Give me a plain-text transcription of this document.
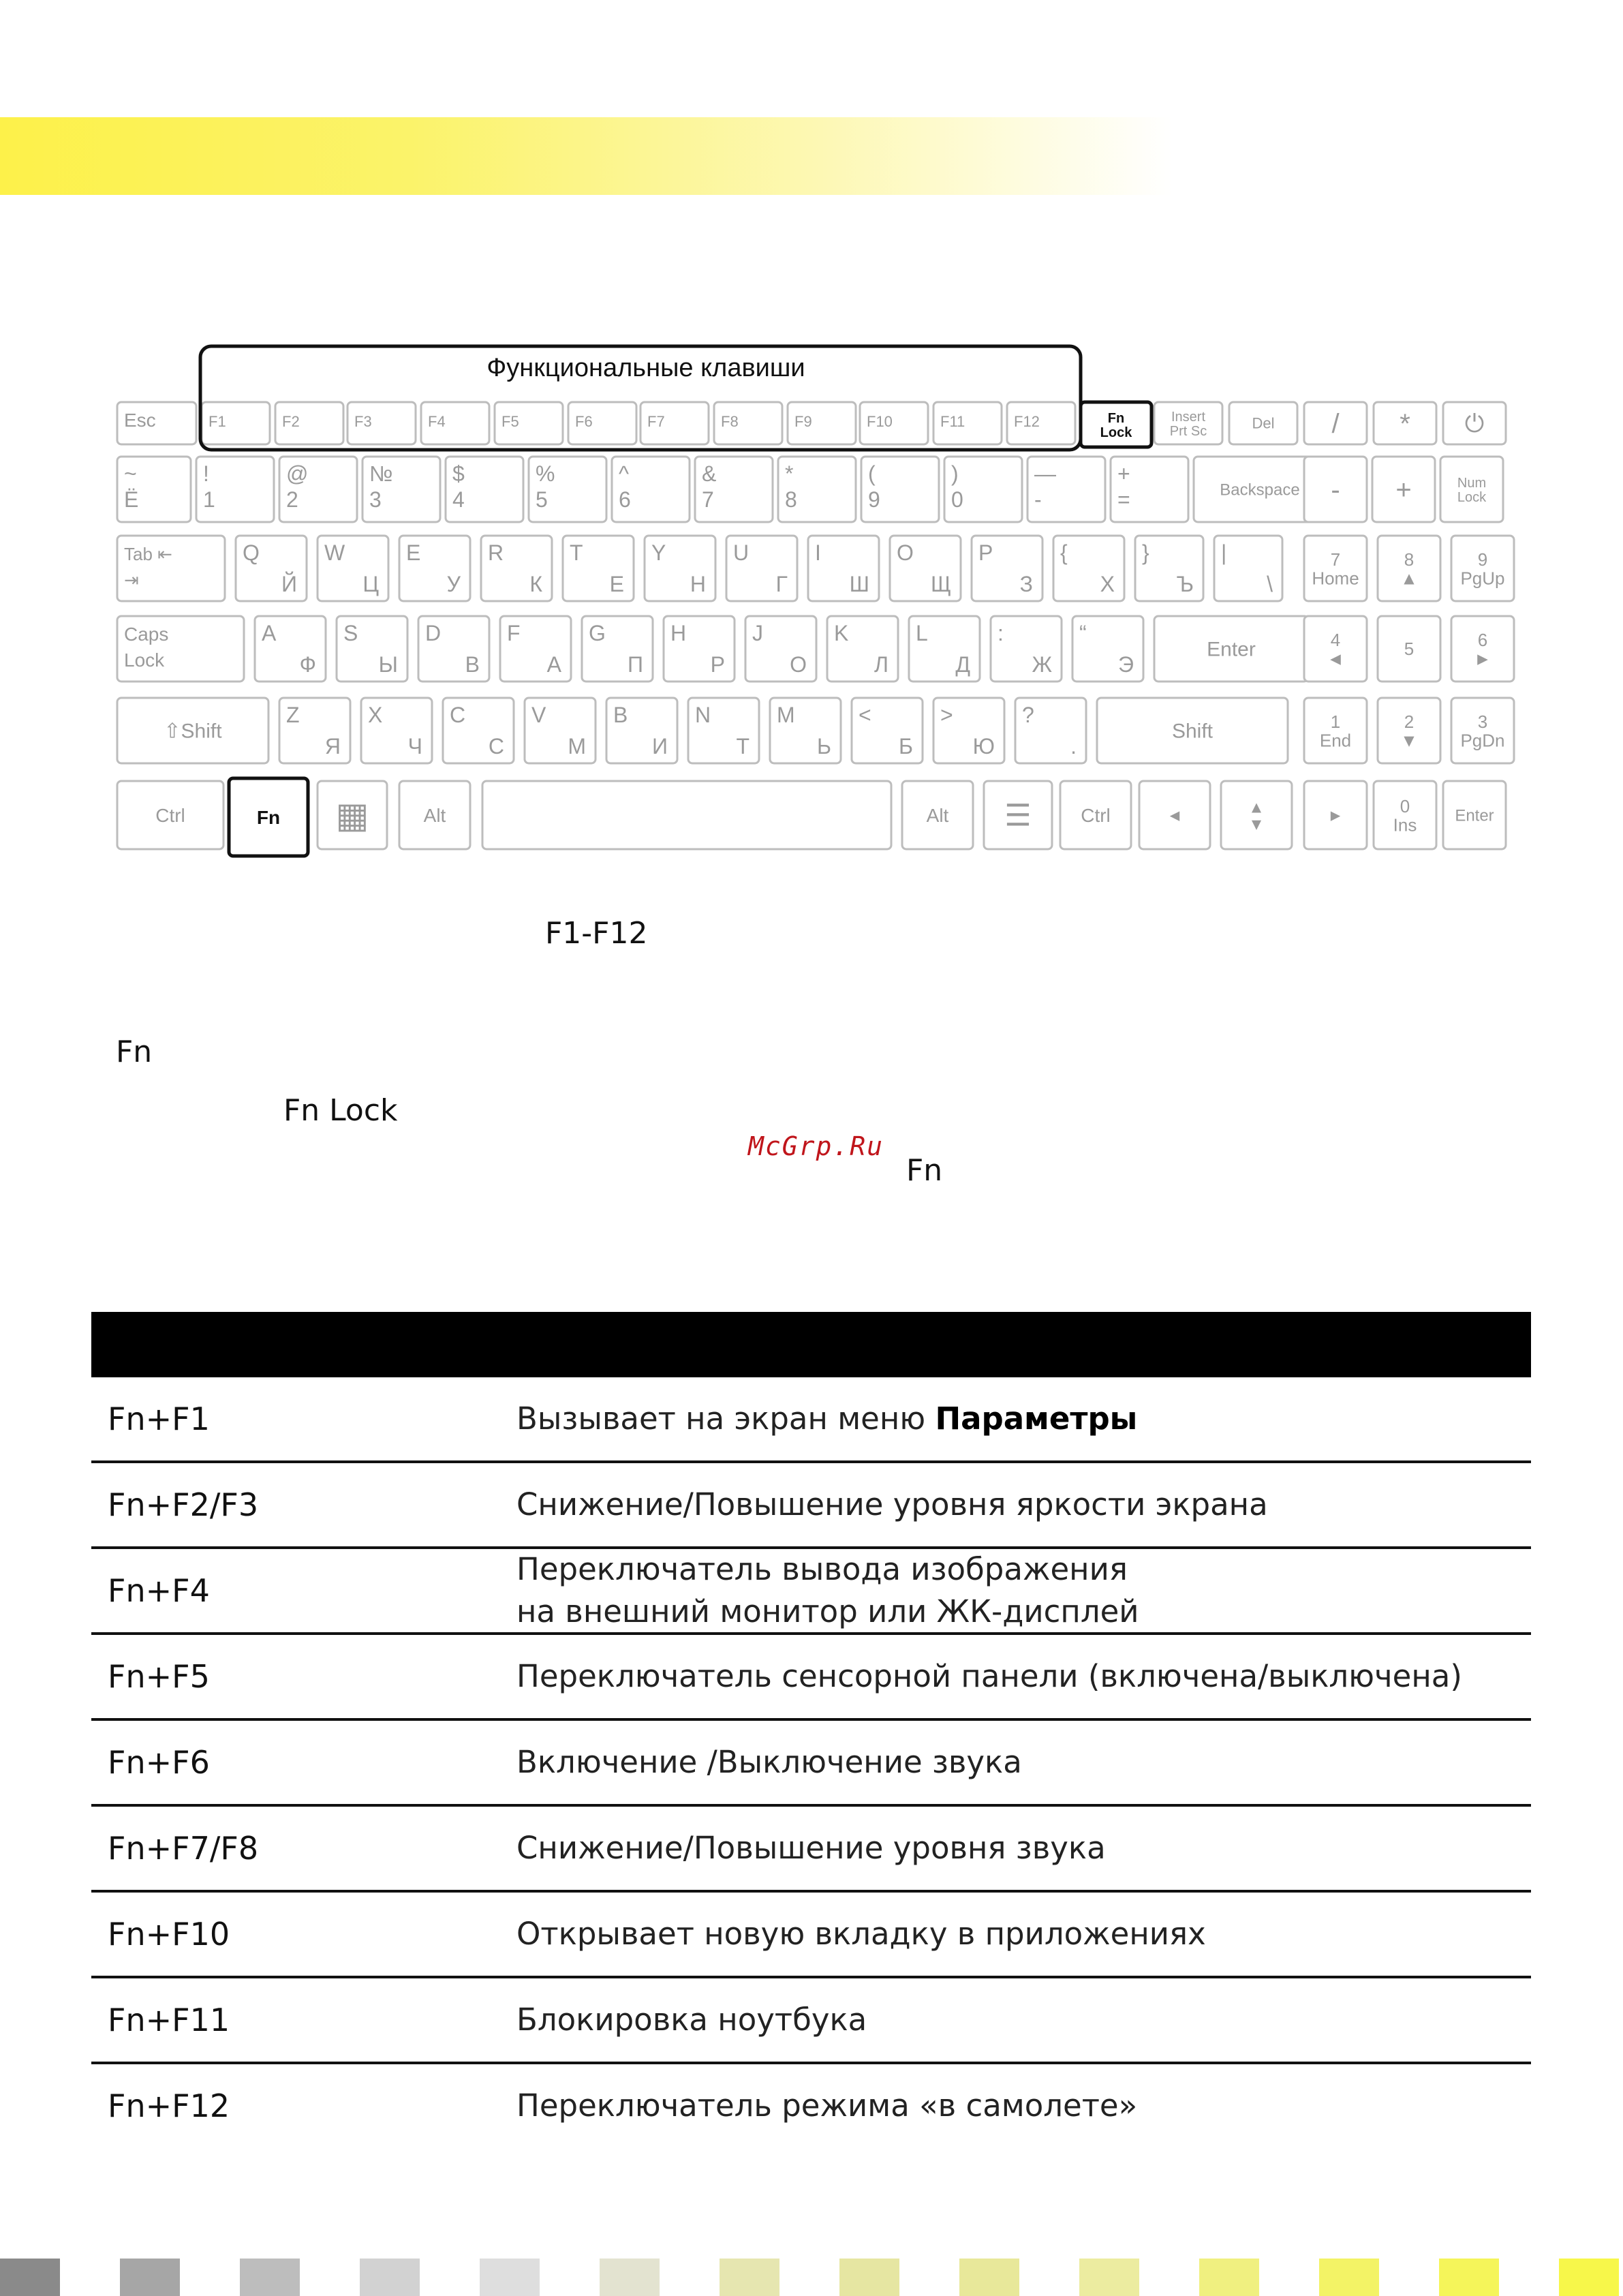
Esc	F1	F2	F3	F4	F5	F6	F7	F8	F9	F10	F11	F12	Fn
Lock
Insert
Prt Sc	Del / * ⏻
~
Ё
!
1
@
2
№
3
$
4
%
5
^
6
&
7
*
8
(
9
)
0
—
-
+
=	Backspace - +	Num
Lock
Tab ⇤
⇥
Q
Й
W
Ц
E
У
R
К
T
Е
Y
Н
U
Г
I
Ш
O
Щ
P
З
{
Х
}
Ъ
|
\
7
Home
8
▲
9
PgUp
Caps
Lock
A
Ф
S
Ы
D
В
F
А
G
П
H
Р
J
О
K
Л
L
Д
:
Ж
“
Э
Enter	4
◄	5	6
►
⇧Shift
Z
Я
X
Ч
C
С
V
М
B
И
N
Т
M
Ь
<
Б
>
Ю
?
.
Shift	1
End
2
▼
3
PgDn
Ctrl	Fn ▦	Alt	Alt ☰	Ctrl	◄	▲
▼	►	0
Ins Enter
Функциональные клавиши
F1-F12
Fn
Fn Lock
McGrp.Ru
Fn
Fn+F1	Вызывает на экран меню Параметры
Fn+F2/F3	Снижение/Повышение уровня яркости экрана
Fn+F4
Переключатель вывода изображения
на внешний монитор или ЖК-дисплей
Fn+F5	Переключатель сенсорной панели (включена/выключена)
Fn+F6	Включение /Выключение звука
Fn+F7/F8	Снижение/Повышение уровня звука
Fn+F10	Открывает новую вкладку в приложениях
Fn+F11	Блокировка ноутбука
Fn+F12	Переключатель режима «в самолете»
